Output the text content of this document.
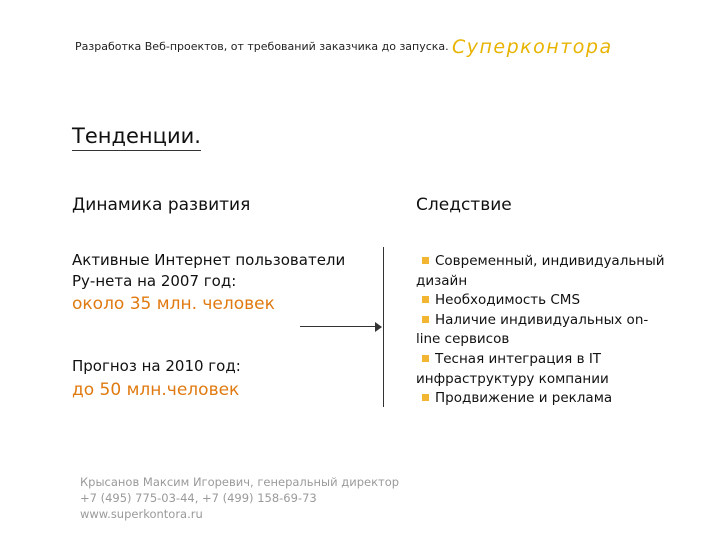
Разработка Веб-проектов, от требований заказчика до запуска. Суперконтора
Тенденции.
Динамика развития	Следствие
Активные Интернет пользователи
Ру-нета на 2007 год:
около 35 млн. человек
Прогноз на 2010 год:
до 50 млн.человек
Современный, индивидуальный дизайн
Необходимость CMS
Наличие индивидуальных on-line сервисов
Тесная интеграция в IT инфраструктуру компании
Продвижение и реклама
Крысанов Максим Игоревич, генеральный директор
+7 (495) 775-03-44, +7 (499) 158-69-73
www.superkontora.ru
